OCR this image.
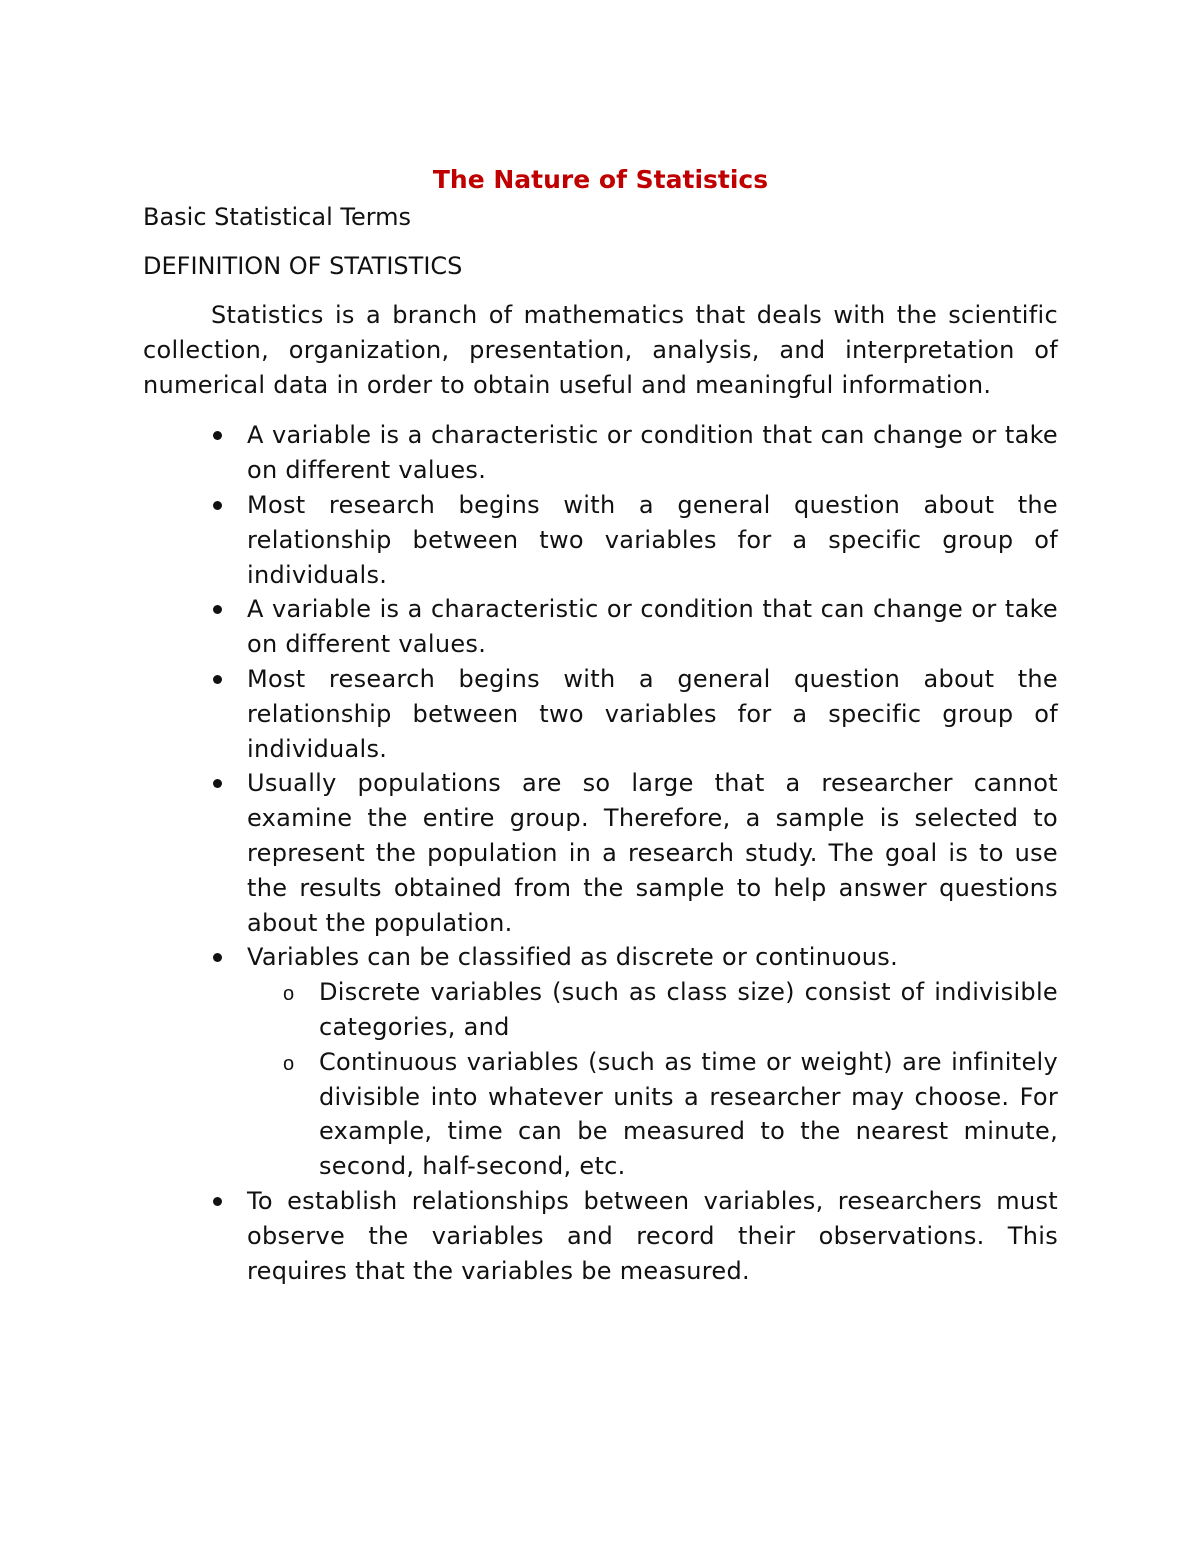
The Nature of Statistics

Basic Statistical Terms

DEFINITION OF STATISTICS

Statistics is a branch of mathematics that deals with the scientific collection, organization, presentation, analysis, and interpretation of numerical data in order to obtain useful and meaningful information.

A variable is a characteristic or condition that can change or take on different values.
Most research begins with a general question about the relationship between two variables for a specific group of individuals.
A variable is a characteristic or condition that can change or take on different values.
Most research begins with a general question about the relationship between two variables for a specific group of individuals.
Usually populations are so large that a researcher cannot examine the entire group. Therefore, a sample is selected to represent the population in a research study. The goal is to use the results obtained from the sample to help answer questions about the population.
Variables can be classified as discrete or continuous.
o Discrete variables (such as class size) consist of indivisible categories, and
o Continuous variables (such as time or weight) are infinitely divisible into whatever units a researcher may choose. For example, time can be measured to the nearest minute, second, half-second, etc.
To establish relationships between variables, researchers must observe the variables and record their observations. This requires that the variables be measured.
